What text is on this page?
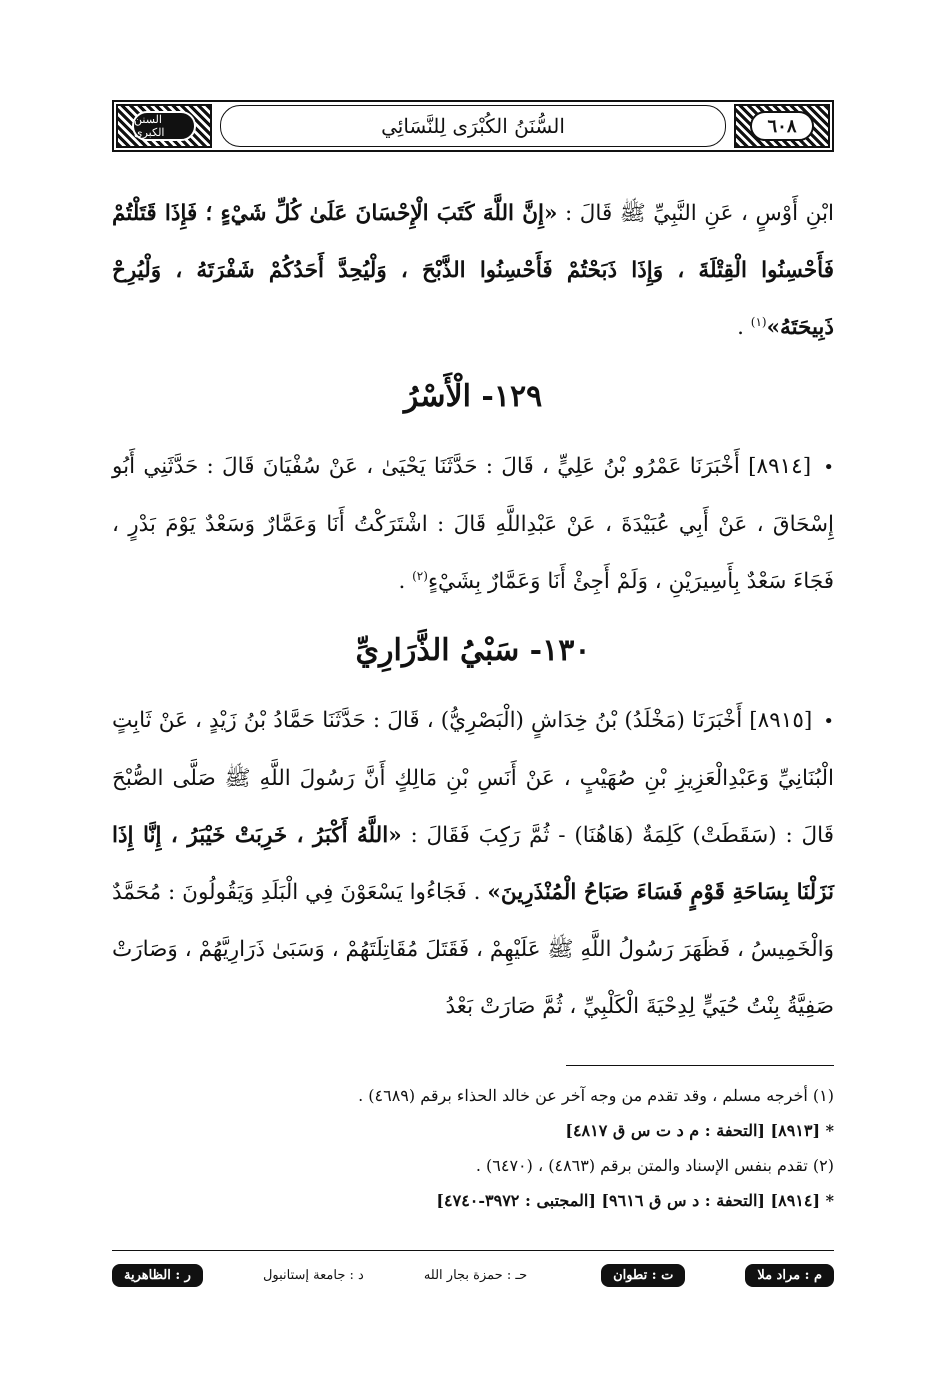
السنن الكبرى	السُّنَنُ الكُبْرَى لِلنَّسَائِي	٦٠٨

ابْنِ أَوْسٍ ، عَنِ النَّبِيِّ ﷺ قَالَ : «إِنَّ اللَّهَ كَتَبَ الْإِحْسَانَ عَلَىٰ كُلِّ شَيْءٍ ؛ فَإِذَا قَتَلْتُمْ فَأَحْسِنُوا الْقِتْلَةَ ، وَإِذَا ذَبَحْتُمْ فَأَحْسِنُوا الذَّبْحَ ، وَلْيُحِدَّ أَحَدُكُمْ شَفْرَتَهُ ، وَلْيُرِحْ ذَبِيحَتَهُ»$^{(١)}$ .

١٢٩- الْأَسْرُ

• [٨٩١٤] أَخْبَرَنَا عَمْرُو بْنُ عَلِيٍّ ، قَالَ : حَدَّثَنَا يَحْيَىٰ ، عَنْ سُفْيَانَ قَالَ : حَدَّثَنِي أَبُو إِسْحَاقَ ، عَنْ أَبِي عُبَيْدَةَ ، عَنْ عَبْدِاللَّهِ قَالَ : اشْتَرَكْتُ أَنَا وَعَمَّارٌ وَسَعْدٌ يَوْمَ بَدْرٍ ، فَجَاءَ سَعْدٌ بِأَسِيرَيْنِ ، وَلَمْ أَجِئْ أَنَا وَعَمَّارٌ بِشَيْءٍ$^{(٢)}$ .

١٣٠- سَبْيُ الذَّرَارِيِّ

• [٨٩١٥] أَخْبَرَنَا (مَخْلَدُ) بْنُ خِدَاشٍ (الْبَصْرِيُّ) ، قَالَ : حَدَّثَنَا حَمَّادُ بْنُ زَيْدٍ ، عَنْ ثَابِتٍ الْبُنَانِيِّ وَعَبْدِالْعَزِيزِ بْنِ صُهَيْبٍ ، عَنْ أَنَسِ بْنِ مَالِكٍ أَنَّ رَسُولَ اللَّهِ ﷺ صَلَّى الصُّبْحَ قَالَ : (سَقَطَتْ) كَلِمَةٌ (هَاهُنَا) - ثُمَّ رَكِبَ فَقَالَ : «اللَّهُ أَكْبَرُ ، خَرِبَتْ خَيْبَرُ ، إِنَّا إِذَا نَزَلْنَا بِسَاحَةِ قَوْمٍ فَسَاءَ صَبَاحُ الْمُنْذَرِينَ» . فَجَاءُوا يَسْعَوْنَ فِي الْبَلَدِ وَيَقُولُونَ : مُحَمَّدٌ وَالْخَمِيسُ ، فَظَهَرَ رَسُولُ اللَّهِ ﷺ عَلَيْهِمْ ، فَقَتَلَ مُقَاتِلَتَهُمْ ، وَسَبَىٰ ذَرَارِيَّهُمْ ، وَصَارَتْ صَفِيَّةُ بِنْتُ حُيَيٍّ لِدِحْيَةَ الْكَلْبِيِّ ، ثُمَّ صَارَتْ بَعْدُ

(١) أخرجه مسلم ، وقد تقدم من وجه آخر عن خالد الحذاء برقم (٤٦٨٩) .

* [٨٩١٣] [التحفة : م د ت س ق ٤٨١٧]

(٢) تقدم بنفس الإسناد والمتن برقم (٤٨٦٣) ، (٦٤٧٠) .

* [٨٩١٤] [التحفة : د س ق ٩٦١٦] [المجتبى : ٣٩٧٢-٤٧٤٠]

م : مراد ملا
ت : تطوان
حـ : حمزة بجار الله
د : جامعة إستانبول
ر : الظاهرية
